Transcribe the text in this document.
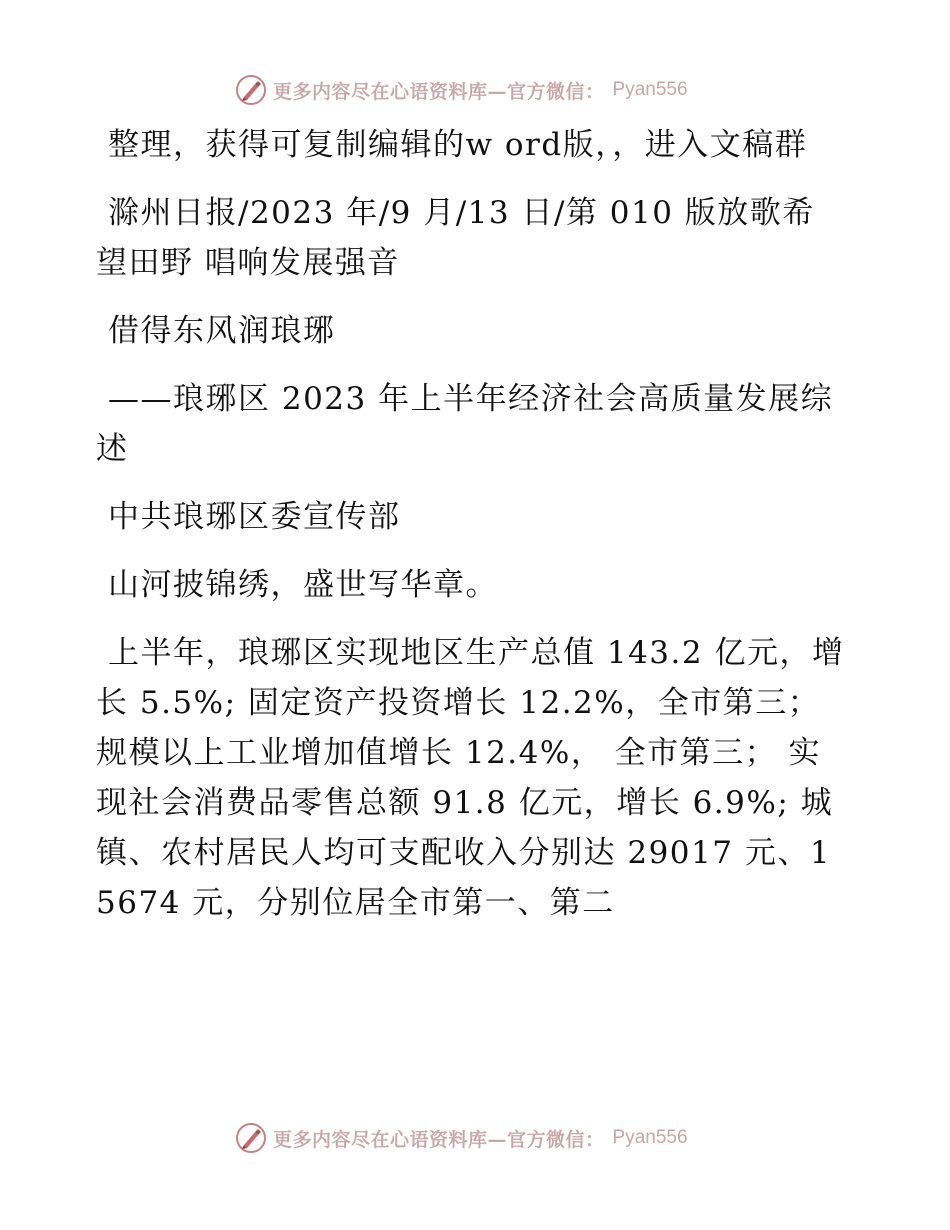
更多内容尽在心语资料库—官方微信： Pyan556

整理，获得可复制编辑的w ord版，，进入文稿群

滁州日报/2023 年/9 月/13 日/第 010 版放歌希望田野 唱响发展强音

借得东风润琅琊

——琅琊区 2023 年上半年经济社会高质量发展综述

中共琅琊区委宣传部

山河披锦绣，盛世写华章。

上半年，琅琊区实现地区生产总值 143.2 亿元，增长 5.5%; 固定资产投资增长 12.2%，全市第三； 规模以上工业增加值增长 12.4%， 全市第三； 实现社会消费品零售总额 91.8 亿元，增长 6.9%; 城镇、农村居民人均可支配收入分别达 29017 元、15674 元，分别位居全市第一、第二

更多内容尽在心语资料库—官方微信： Pyan556
